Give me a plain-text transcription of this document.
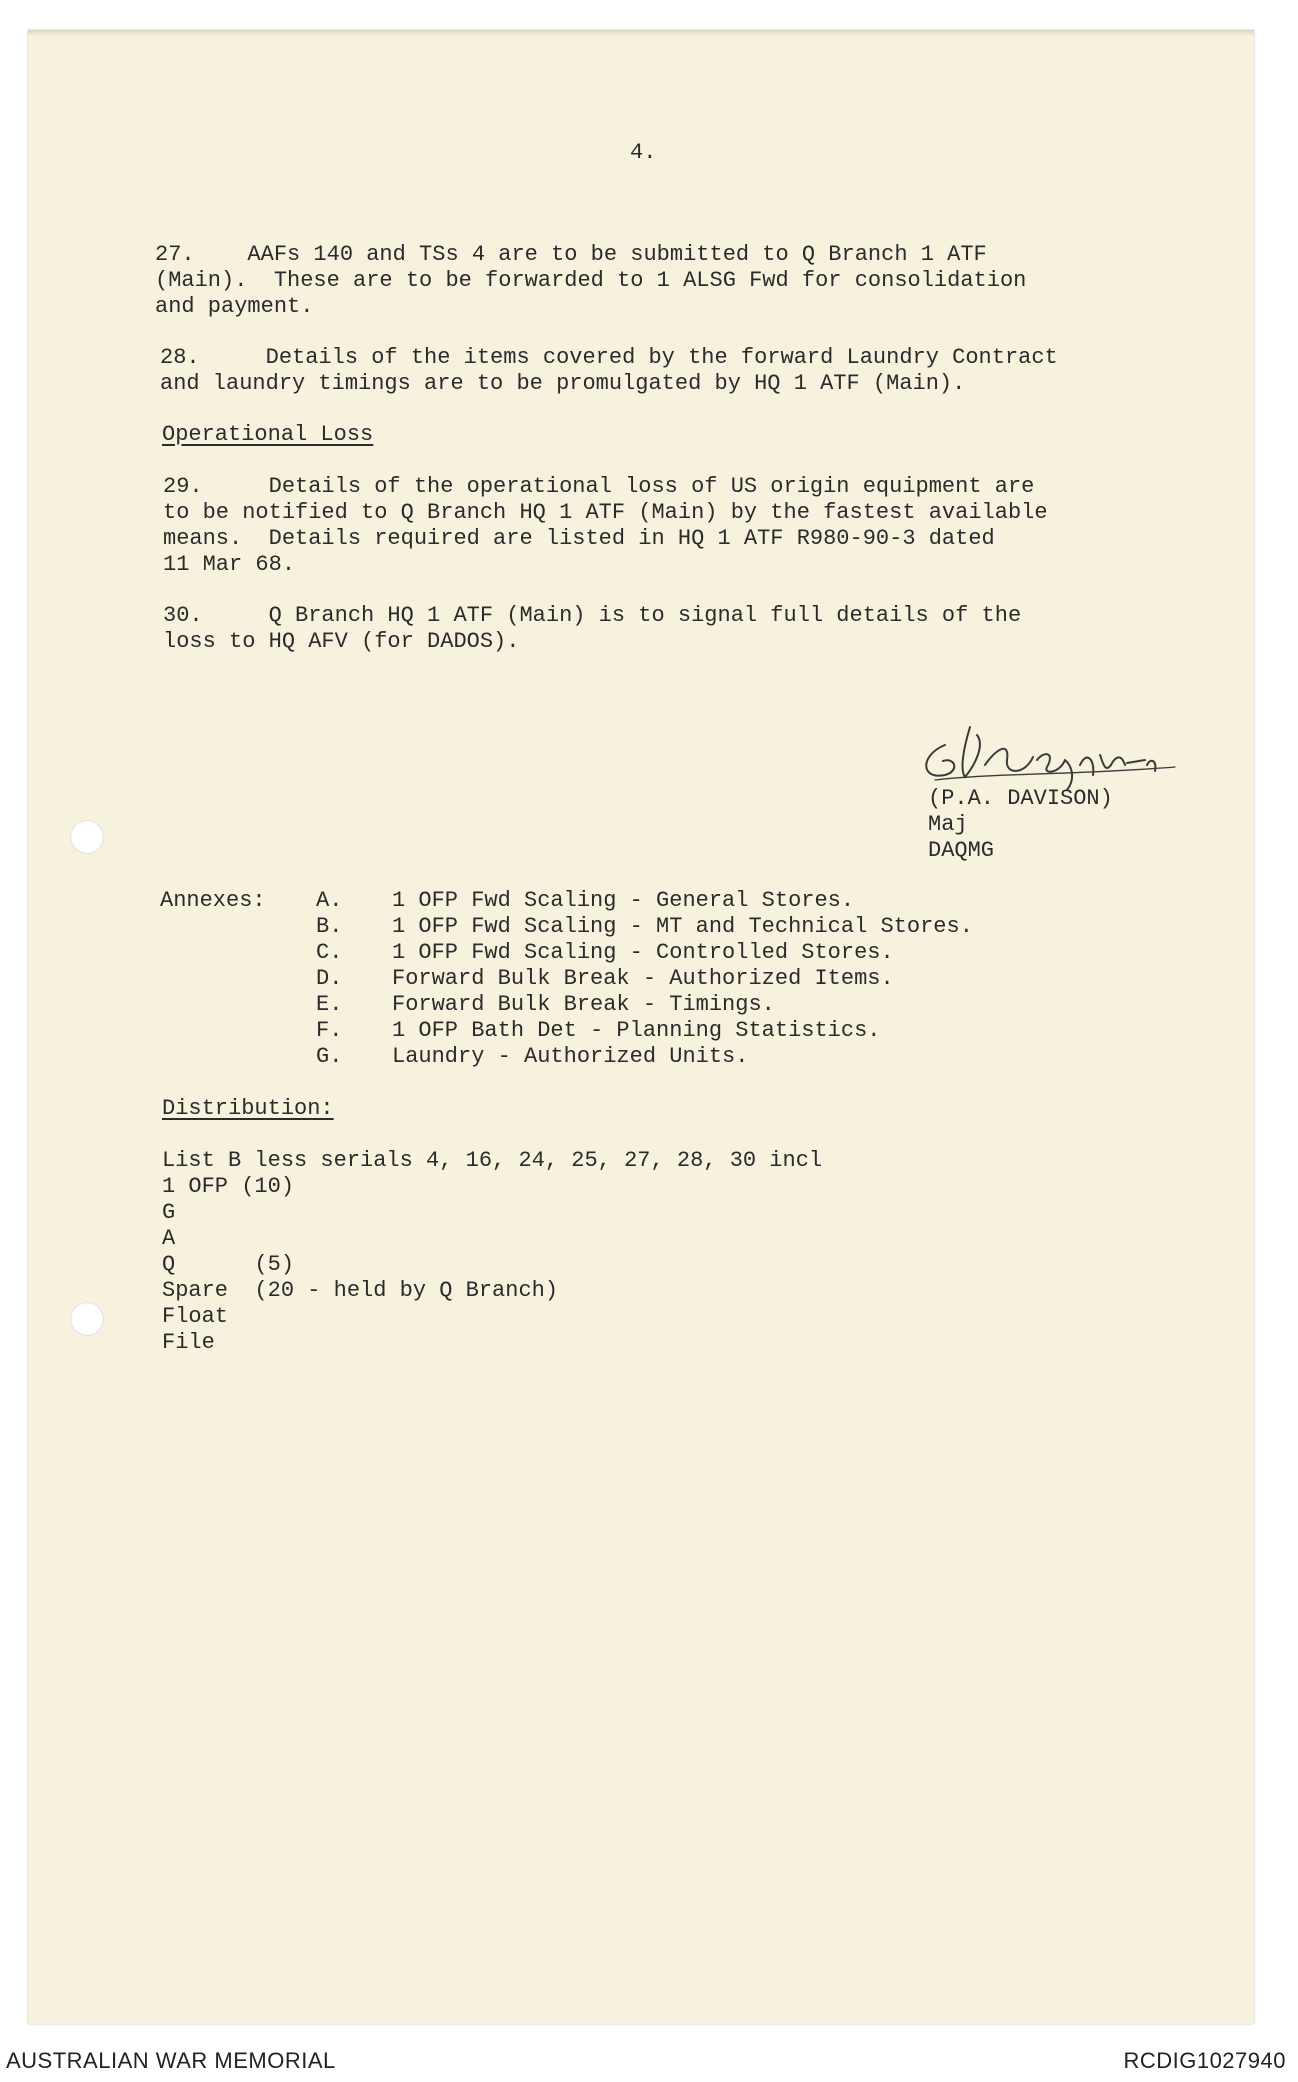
4.

27.    AAFs 140 and TSs 4 are to be submitted to Q Branch 1 ATF

(Main).  These are to be forwarded to 1 ALSG Fwd for consolidation

and payment.

28.     Details of the items covered by the forward Laundry Contract

and laundry timings are to be promulgated by HQ 1 ATF (Main).

Operational Loss

29.     Details of the operational loss of US origin equipment are

to be notified to Q Branch HQ 1 ATF (Main) by the fastest available

means.  Details required are listed in HQ 1 ATF R980-90-3 dated

11 Mar 68.

30.     Q Branch HQ 1 ATF (Main) is to signal full details of the

loss to HQ AFV (for DADOS).

(P.A. DAVISON)

Maj

DAQMG

Annexes: A. 1 OFP Fwd Scaling - General Stores.

B. 1 OFP Fwd Scaling - MT and Technical Stores.

C. 1 OFP Fwd Scaling - Controlled Stores.

D. Forward Bulk Break - Authorized Items.

E. Forward Bulk Break - Timings.

F. 1 OFP Bath Det - Planning Statistics.

G. Laundry - Authorized Units.

Distribution:

List B less serials 4, 16, 24, 25, 27, 28, 30 incl

1 OFP (10)

G

A

Q      (5)

Spare  (20 - held by Q Branch)

Float

File

AUSTRALIAN WAR MEMORIAL	RCDIG1027940
